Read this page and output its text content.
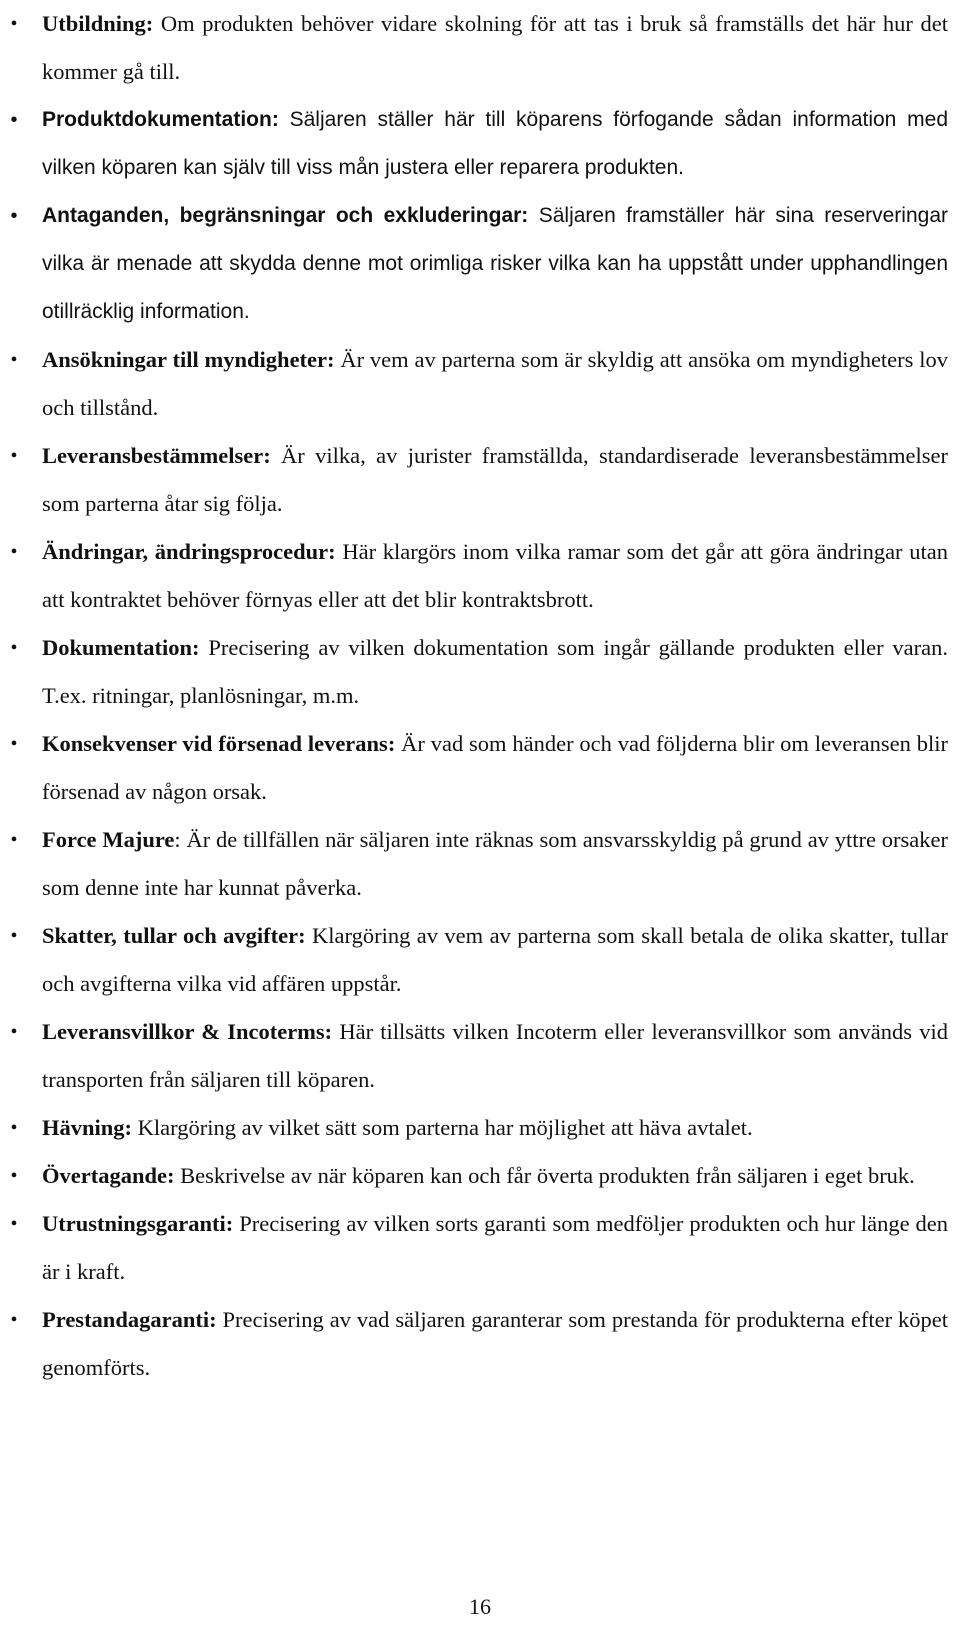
• Utbildning: Om produkten behöver vidare skolning för att tas i bruk så framställs det här hur det kommer gå till.
•	Produktdokumentation: Säljaren ställer här till köparens förfogande sådan information med vilken köparen kan själv till viss mån justera eller reparera produkten.
•	Antaganden, begränsningar och exkluderingar: Säljaren framställer här sina reserveringar vilka är menade att skydda denne mot orimliga risker vilka kan ha uppstått under upphandlingen otillräcklig information.
• Ansökningar till myndigheter: Är vem av parterna som är skyldig att ansöka om myndigheters lov och tillstånd.
• Leveransbestämmelser: Är vilka, av jurister framställda, standardiserade leveransbestämmelser som parterna åtar sig följa.
• Ändringar, ändringsprocedur: Här klargörs inom vilka ramar som det går att göra ändringar utan att kontraktet behöver förnyas eller att det blir kontraktsbrott.
• Dokumentation: Precisering av vilken dokumentation som ingår gällande produkten eller varan. T.ex. ritningar, planlösningar, m.m.
• Konsekvenser vid försenad leverans: Är vad som händer och vad följderna blir om leveransen blir försenad av någon orsak.
• Force Majure: Är de tillfällen när säljaren inte räknas som ansvarsskyldig på grund av yttre orsaker som denne inte har kunnat påverka.
• Skatter, tullar och avgifter: Klargöring av vem av parterna som skall betala de olika skatter, tullar och avgifterna vilka vid affären uppstår.
• Leveransvillkor & Incoterms: Här tillsätts vilken Incoterm eller leveransvillkor som används vid transporten från säljaren till köparen.
• Hävning: Klargöring av vilket sätt som parterna har möjlighet att häva avtalet.
• Övertagande: Beskrivelse av när köparen kan och får överta produkten från säljaren i eget bruk.
• Utrustningsgaranti: Precisering av vilken sorts garanti som medföljer produkten och hur länge den är i kraft.
• Prestandagaranti: Precisering av vad säljaren garanterar som prestanda för produkterna efter köpet genomförts.
16
